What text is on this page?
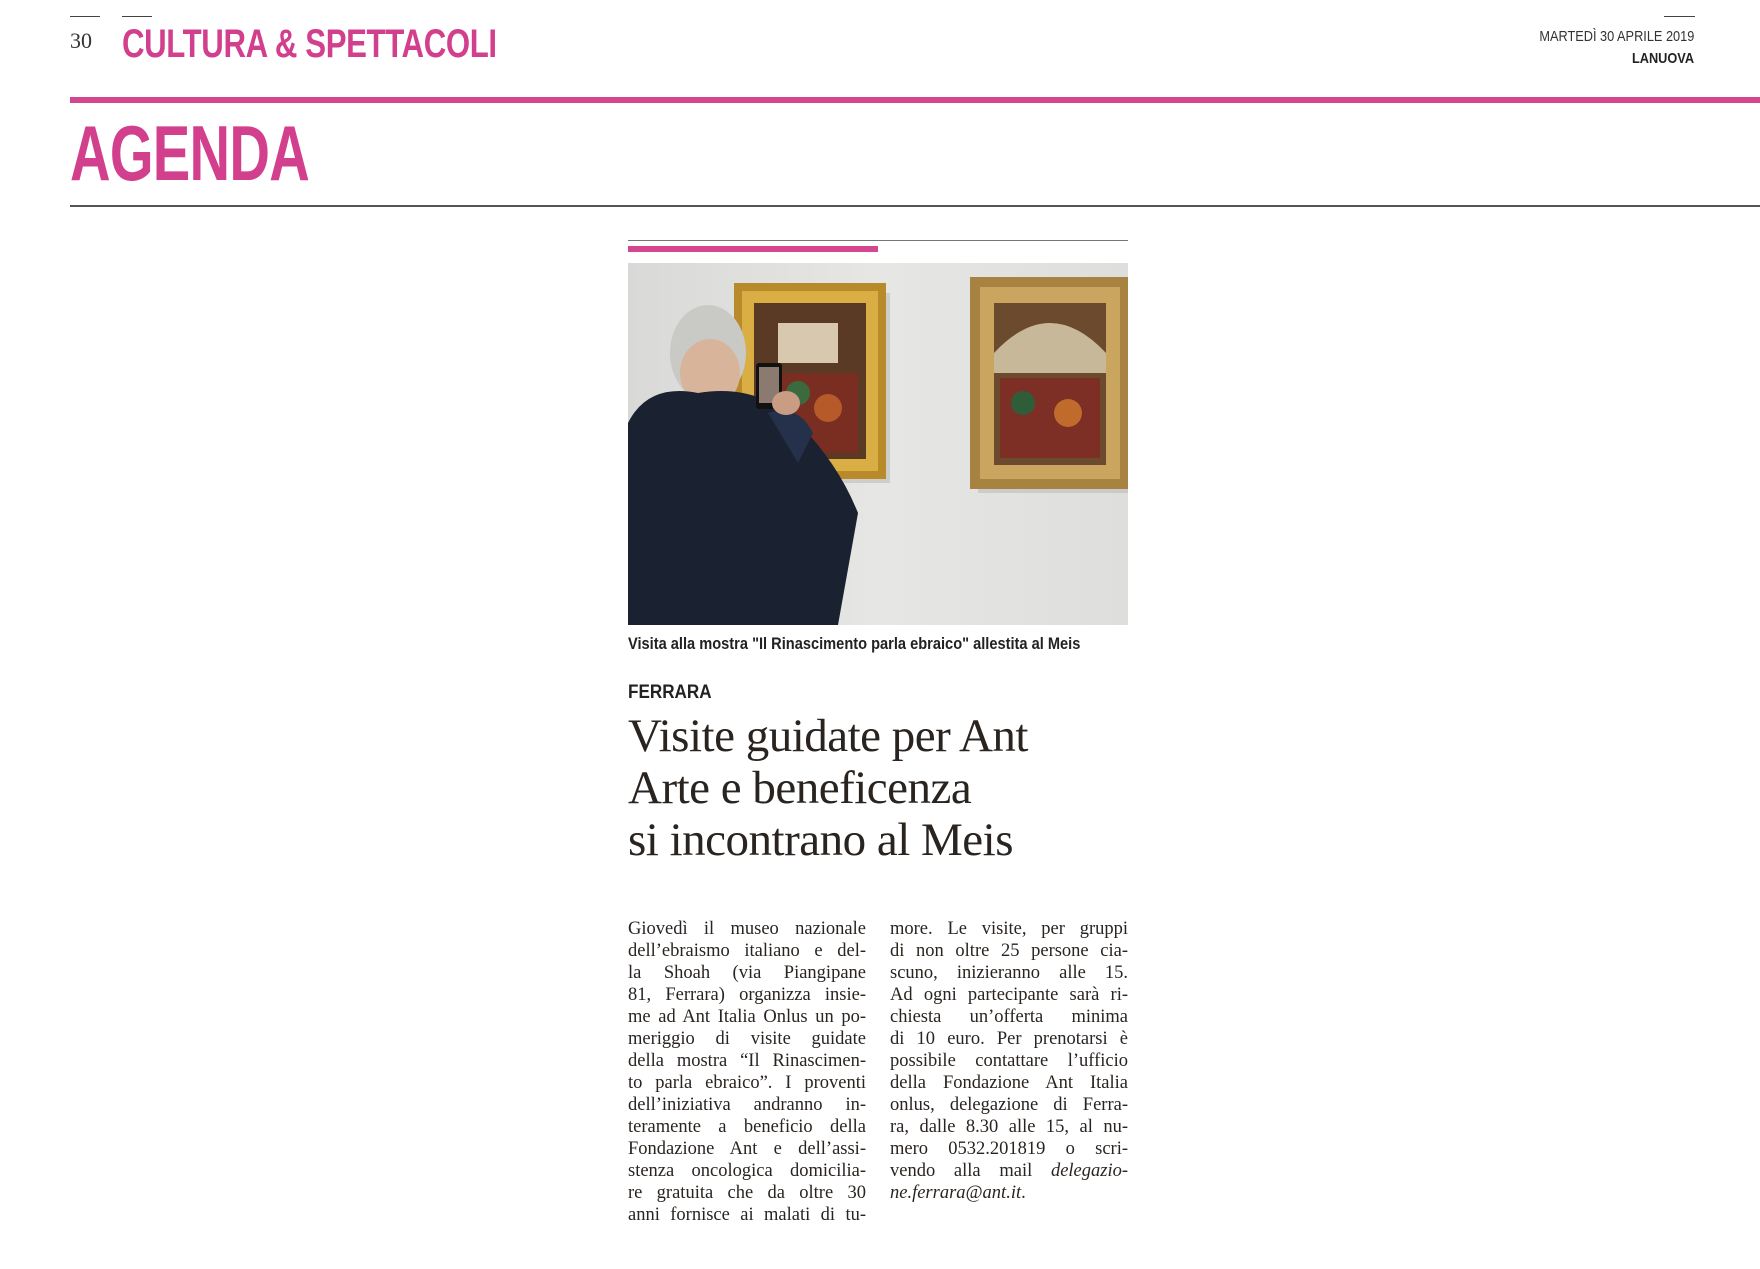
30 CULTURA & SPETTACOLI	MARTEDÌ 30 APRILE 2019
LANUOVA
AGENDA
Visita alla mostra "Il Rinascimento parla ebraico" allestita al Meis
FERRARA
Visite guidate per Ant
Arte e beneficenza
si incontrano al Meis
Giovedì il museo nazionale
dell’ebraismo italiano e del-
la Shoah (via Piangipane
81, Ferrara) organizza insie-
me ad Ant Italia Onlus un po-
meriggio di visite guidate
della mostra “Il Rinascimen-
to parla ebraico”. I proventi
dell’iniziativa andranno in-
teramente a beneficio della
Fondazione Ant e dell’assi-
stenza oncologica domicilia-
re gratuita che da oltre 30
anni fornisce ai malati di tu-
more. Le visite, per gruppi
di non oltre 25 persone cia-
scuno, inizieranno alle 15.
Ad ogni partecipante sarà ri-
chiesta un’offerta minima
di 10 euro. Per prenotarsi è
possibile contattare l’ufficio
della Fondazione Ant Italia
onlus, delegazione di Ferra-
ra, dalle 8.30 alle 15, al nu-
mero 0532.201819 o scri-
vendo alla mail delegazio-
ne.ferrara@ant.it.
